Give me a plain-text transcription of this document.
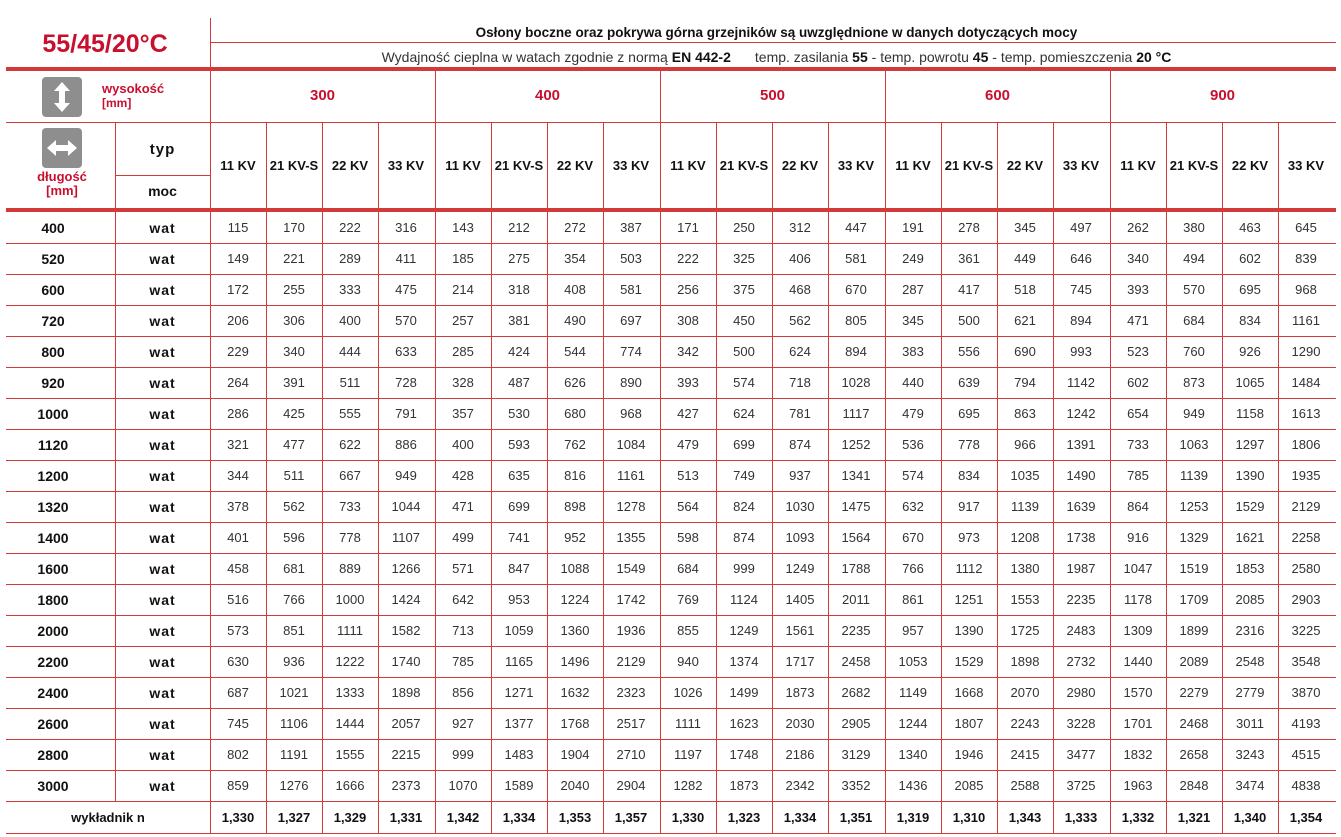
55/45/20°C	Osłony boczne oraz pokrywa górna grzejników są uwzględnione w danych dotyczących mocy
Wydajność cieplna w watach zgodnie z normą
EN 442-2 temp. zasilania
55
- temp. powrotu
45
- temp. pomieszczenia
20 °C
wysokość
[mm]
długość
[mm]
typ
moc
300	400	500	600	900
11 KV	21 KV-S	22 KV	33 KV	11 KV	21 KV-S	22 KV	33 KV	11 KV	21 KV-S	22 KV	33 KV	11 KV	21 KV-S	22 KV	33 KV	11 KV	21 KV-S	22 KV	33 KV
400	wat	115	170	222	316	143	212	272	387	171	250	312	447	191	278	345	497	262	380	463	645
520	wat	149	221	289	411	185	275	354	503	222	325	406	581	249	361	449	646	340	494	602	839
600	wat	172	255	333	475	214	318	408	581	256	375	468	670	287	417	518	745	393	570	695	968
720	wat	206	306	400	570	257	381	490	697	308	450	562	805	345	500	621	894	471	684	834	1161
800	wat	229	340	444	633	285	424	544	774	342	500	624	894	383	556	690	993	523	760	926	1290
920	wat	264	391	511	728	328	487	626	890	393	574	718	1028	440	639	794	1142	602	873	1065	1484
1000	wat	286	425	555	791	357	530	680	968	427	624	781	1117	479	695	863	1242	654	949	1158	1613
1120	wat	321	477	622	886	400	593	762	1084	479	699	874	1252	536	778	966	1391	733	1063	1297	1806
1200	wat	344	511	667	949	428	635	816	1161	513	749	937	1341	574	834	1035	1490	785	1139	1390	1935
1320	wat	378	562	733	1044	471	699	898	1278	564	824	1030	1475	632	917	1139	1639	864	1253	1529	2129
1400	wat	401	596	778	1107	499	741	952	1355	598	874	1093	1564	670	973	1208	1738	916	1329	1621	2258
1600	wat	458	681	889	1266	571	847	1088	1549	684	999	1249	1788	766	1112	1380	1987	1047	1519	1853	2580
1800	wat	516	766	1000	1424	642	953	1224	1742	769	1124	1405	2011	861	1251	1553	2235	1178	1709	2085	2903
2000	wat	573	851	1111	1582	713	1059	1360	1936	855	1249	1561	2235	957	1390	1725	2483	1309	1899	2316	3225
2200	wat	630	936	1222	1740	785	1165	1496	2129	940	1374	1717	2458	1053	1529	1898	2732	1440	2089	2548	3548
2400	wat	687	1021	1333	1898	856	1271	1632	2323	1026	1499	1873	2682	1149	1668	2070	2980	1570	2279	2779	3870
2600	wat	745	1106	1444	2057	927	1377	1768	2517	1111	1623	2030	2905	1244	1807	2243	3228	1701	2468	3011	4193
2800	wat	802	1191	1555	2215	999	1483	1904	2710	1197	1748	2186	3129	1340	1946	2415	3477	1832	2658	3243	4515
3000	wat	859	1276	1666	2373	1070	1589	2040	2904	1282	1873	2342	3352	1436	2085	2588	3725	1963	2848	3474	4838
wykładnik n	1,330	1,327	1,329	1,331	1,342	1,334	1,353	1,357	1,330	1,323	1,334	1,351	1,319	1,310	1,343	1,333	1,332	1,321	1,340	1,354
